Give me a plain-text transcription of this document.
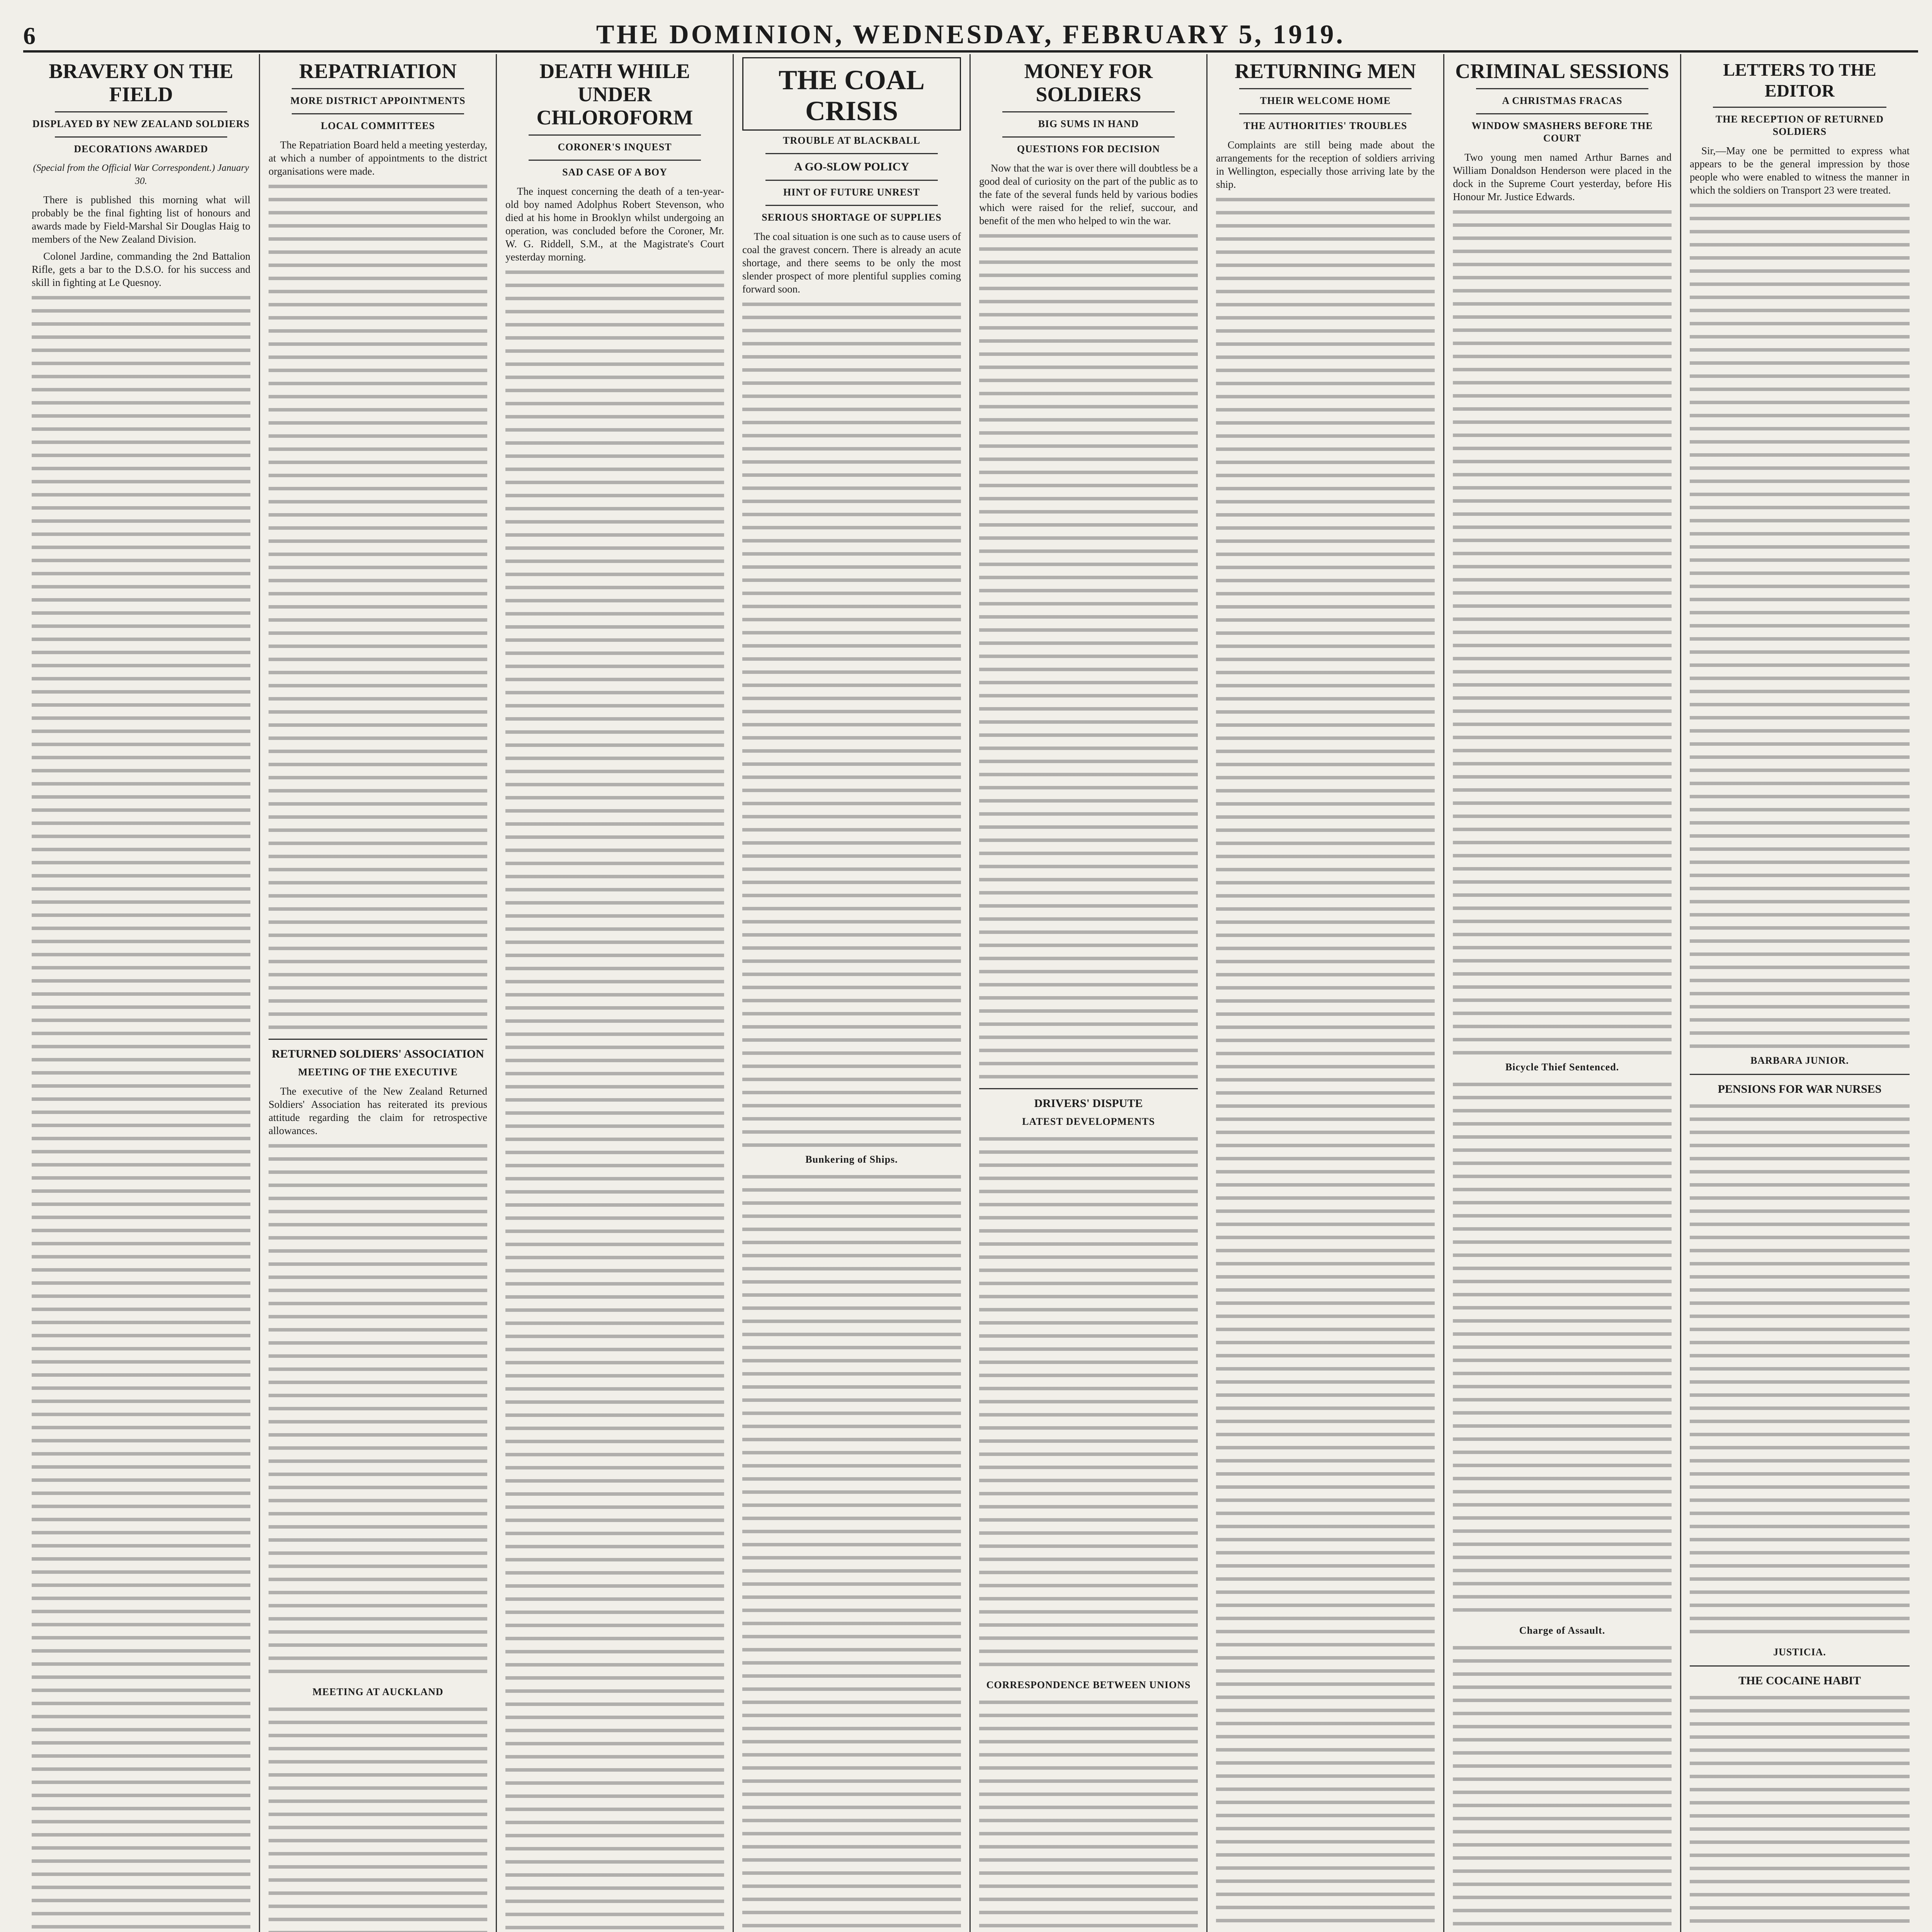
6	THE DOMINION, WEDNESDAY, FEBRUARY 5, 1919.
BRAVERY ON THE FIELD
DISPLAYED BY NEW ZEALAND SOLDIERS
DECORATIONS AWARDED
(Special from the Official War Correspondent.) January 30.

There is published this morning what will probably be the final fighting list of honours and awards made by Field-Marshal Sir Douglas Haig to members of the New Zealand Division.

Colonel Jardine, commanding the 2nd Battalion Rifle, gets a bar to the D.S.O. for his success and skill in fighting at Le Quesnoy.

REPATRIATION
MORE DISTRICT APPOINTMENTS
LOCAL COMMITTEES

The Repatriation Board held a meeting yesterday, at which a number of appointments to the district organisations were made.

RETURNED SOLDIERS' ASSOCIATION
MEETING OF THE EXECUTIVE

The executive of the New Zealand Returned Soldiers' Association has reiterated its previous attitude regarding the claim for retrospective allowances.

MEETING AT AUCKLAND

DEATH WHILE UNDER CHLOROFORM
CORONER'S INQUEST
SAD CASE OF A BOY

The inquest concerning the death of a ten-year-old boy named Adolphus Robert Stevenson, who died at his home in Brooklyn whilst undergoing an operation, was concluded before the Coroner, Mr. W. G. Riddell, S.M., at the Magistrate's Court yesterday morning.

THE COAL CRISIS
TROUBLE AT BLACKBALL
A GO-SLOW POLICY
HINT OF FUTURE UNREST
SERIOUS SHORTAGE OF SUPPLIES

The coal situation is one such as to cause users of coal the gravest concern. There is already an acute shortage, and there seems to be only the most slender prospect of more plentiful supplies coming forward soon.

Bunkering of Ships.
MONEY FOR SOLDIERS
BIG SUMS IN HAND
QUESTIONS FOR DECISION

Now that the war is over there will doubtless be a good deal of curiosity on the part of the public as to the fate of the several funds held by various bodies which were raised for the relief, succour, and benefit of the men who helped to win the war.

DRIVERS' DISPUTE
LATEST DEVELOPMENTS
CORRESPONDENCE BETWEEN UNIONS
RETURNING MEN
THEIR WELCOME HOME
THE AUTHORITIES' TROUBLES

Complaints are still being made about the arrangements for the reception of soldiers arriving in Wellington, especially those arriving late by the ship.

CRIMINAL SESSIONS
A CHRISTMAS FRACAS
WINDOW SMASHERS BEFORE THE COURT

Two young men named Arthur Barnes and William Donaldson Henderson were placed in the dock in the Supreme Court yesterday, before His Honour Mr. Justice Edwards.

Bicycle Thief Sentenced.
Charge of Assault.
LETTERS TO THE EDITOR
THE RECEPTION OF RETURNED SOLDIERS

Sir,—May one be permitted to express what appears to be the general impression by those people who were enabled to witness the manner in which the soldiers on Transport 23 were treated.

BARBARA JUNIOR.
PENSIONS FOR WAR NURSES
JUSTICIA.
THE COCAINE HABIT
